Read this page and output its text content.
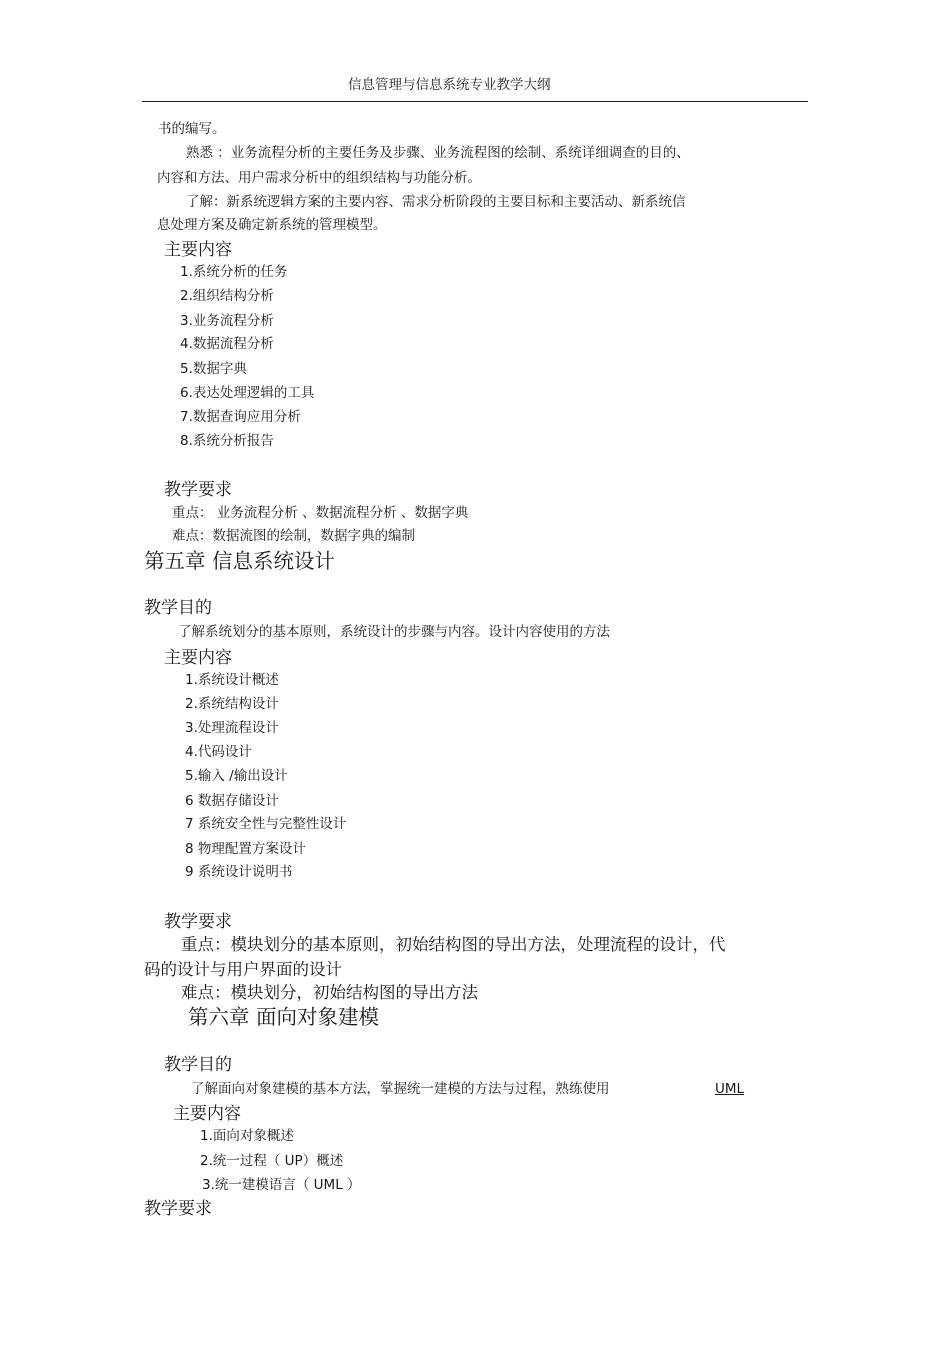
信息管理与信息系统专业教学大纲
书的编写。
熟悉 ：业务流程分析的主要任务及步骤、业务流程图的绘制、系统详细调查的目的、
内容和方法、用户需求分析中的组织结构与功能分析。
了解：新系统逻辑方案的主要内容、需求分析阶段的主要目标和主要活动、新系统信
息处理方案及确定新系统的管理模型。
主要内容
1.系统分析的任务
2.组织结构分析
3.业务流程分析
4.数据流程分析
5.数据字典
6.表达处理逻辑的工具
7.数据查询应用分析
8.系统分析报告
教学要求
重点： 业务流程分析 、数据流程分析 、数据字典
难点：数据流图的绘制，数据字典的编制
第五章 信息系统设计
教学目的
了解系统划分的基本原则，系统设计的步骤与内容。设计内容使用的方法
主要内容
1.系统设计概述
2.系统结构设计
3.处理流程设计
4.代码设计
5.输入 /输出设计
6 数据存储设计
7 系统安全性与完整性设计
8 物理配置方案设计
9 系统设计说明书
教学要求
重点：模块划分的基本原则，初始结构图的导出方法，处理流程的设计，代
码的设计与用户界面的设计
难点：模块划分，初始结构图的导出方法
第六章 面向对象建模
教学目的
了解面向对象建模的基本方法，掌握统一建模的方法与过程，熟练使用	UML
主要内容
1.面向对象概述
2.统一过程（ UP）概述
3.统一建模语言（ UML ）
教学要求
